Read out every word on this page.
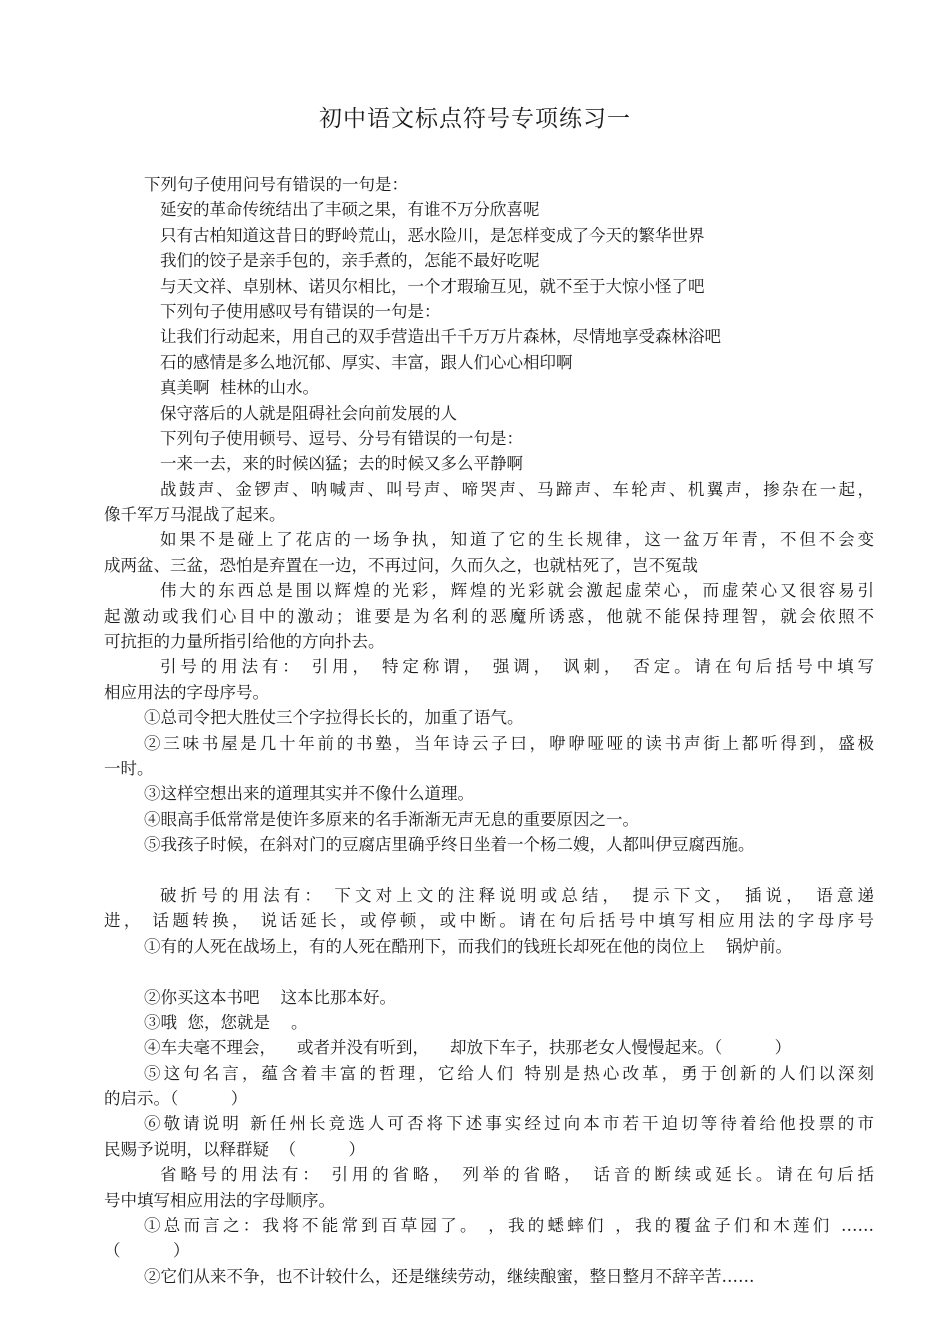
初中语文标点符号专项练习一
下列句子使用问号有错误的一句是：
延安的革命传统结出了丰硕之果，有谁不万分欣喜呢
只有古柏知道这昔日的野岭荒山，恶水险川，是怎样变成了今天的繁华世界
我们的饺子是亲手包的，亲手煮的，怎能不最好吃呢
与天文祥、卓别林、诺贝尔相比，一个才瑕瑜互见，就不至于大惊小怪了吧
下列句子使用感叹号有错误的一句是：
让我们行动起来，用自己的双手营造出千千万万片森林，尽情地享受森林浴吧
石的感情是多么地沉郁、厚实、丰富，跟人们心心相印啊
真美啊  桂林的山水。
保守落后的人就是阻碍社会向前发展的人
下列句子使用顿号、逗号、分号有错误的一句是：
一来一去，来的时候凶猛；去的时候又多么平静啊
战鼓声、金锣声、呐喊声、叫号声、啼哭声、马蹄声、车轮声、机翼声，掺杂在一起，
像千军万马混战了起来。
如果不是碰上了花店的一场争执，知道了它的生长规律，这一盆万年青，不但不会变
成两盆、三盆，恐怕是弃置在一边，不再过问，久而久之，也就枯死了，岂不冤哉
伟大的东西总是围以辉煌的光彩，辉煌的光彩就会激起虚荣心，而虚荣心又很容易引
起激动或我们心目中的激动；谁要是为名利的恶魔所诱惑，他就不能保持理智，就会依照不
可抗拒的力量所指引给他的方向扑去。
引号的用法有： 引用， 特定称谓， 强调， 讽刺， 否定。请在句后括号中填写
相应用法的字母序号。
①总司令把大胜仗三个字拉得长长的，加重了语气。
②三味书屋是几十年前的书塾，当年诗云子曰，咿咿哑哑的读书声街上都听得到，盛极
一时。
③这样空想出来的道理其实并不像什么道理。
④眼高手低常常是使许多原来的名手渐渐无声无息的重要原因之一。
⑤我孩子时候，在斜对门的豆腐店里确乎终日坐着一个杨二嫂，人都叫伊豆腐西施。
破折号的用法有： 下文对上文的注释说明或总结， 提示下文， 插说， 语意递
进， 话题转换， 说话延长，或停顿，或中断。请在句后括号中填写相应用法的字母序号
①有的人死在战场上，有的人死在酷刑下，而我们的钱班长却死在他的岗位上    锅炉前。
②你买这本书吧    这本比那本好。
③哦  您，您就是    。
④车夫毫不理会，    或者并没有听到，    却放下车子，扶那老女人慢慢起来。（          ）
⑤这句名言，蕴含着丰富的哲理，它给人们 特别是热心改革，勇于创新的人们以深刻
的启示。（          ）
⑥敬请说明 新任州长竞选人可否将下述事实经过向本市若干迫切等待着给他投票的市
民赐予说明，以释群疑  （          ）
省略号的用法有： 引用的省略， 列举的省略， 话音的断续或延长。请在句后括
号中填写相应用法的字母顺序。
①总而言之：我将不能常到百草园了。 ，我的蟋蟀们 ，我的覆盆子们和木莲们 ……
（          ）
②它们从来不争，也不计较什么，还是继续劳动，继续酿蜜，整日整月不辞辛苦……
